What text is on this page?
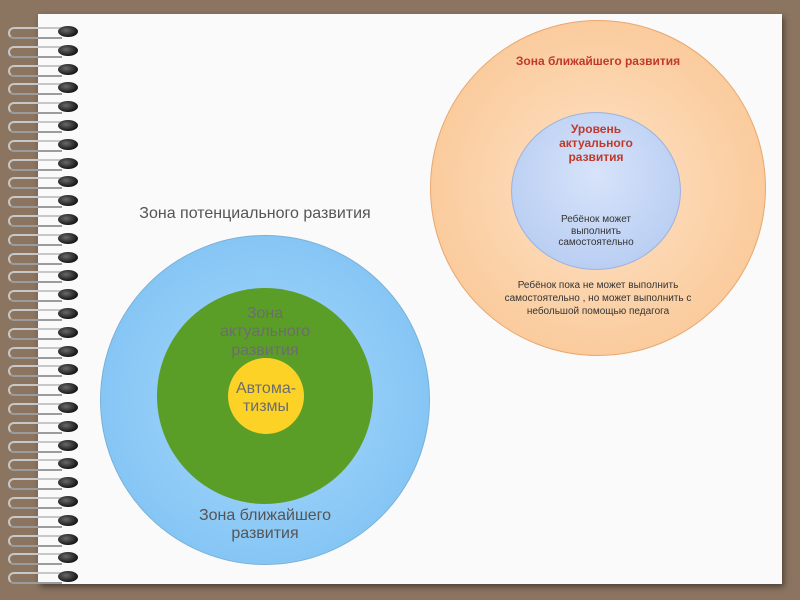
Зона потенциального развития
Зона
актуального
развития
Автома-
тизмы
Зона ближайшего
развития
Зона ближайшего развития
Уровень
актуального
развития
Ребёнок может
выполнить
самостоятельно
Ребёнок пока не может выполнить
самостоятельно , но может выполнить с
небольшой помощью педагога
